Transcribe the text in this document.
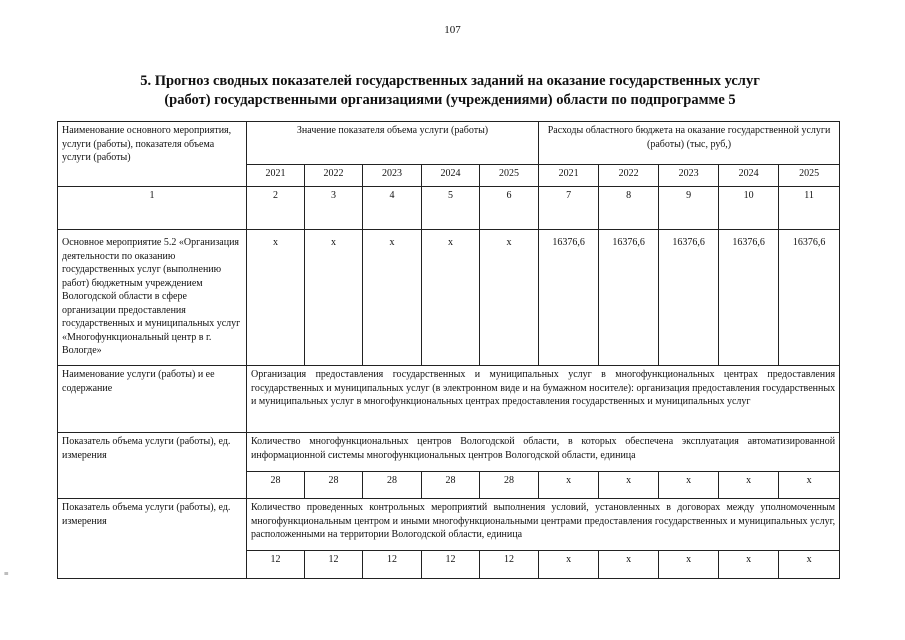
107
5. Прогноз сводных показателей государственных заданий на оказание государственных услуг
(работ) государственными организациями (учреждениями) области по подпрограмме 5
≡
Наименование основного мероприятия, услуги (работы), показателя объема услуги (работы)	Значение показателя объема услуги (работы)					Расходы областного бюджета на оказание государственной услуги (работы) (тыс, руб,)				
	2021	2022	2023	2024	2025	2021	2022	2023	2024	2025
1	2	3	4	5	6	7	8	9	10	11
Основное мероприятие 5.2 «Организация деятельности по оказанию государственных услуг (выполнению работ) бюджетным учреждением Вологодской области в сфере организации предоставления государственных и муниципальных услуг «Многофункциональный центр в г. Вологде»	x	x	x	x	x	16376,6	16376,6	16376,6	16376,6	16376,6
Наименование услуги (работы) и ее содержание	Организация предоставления государственных и муниципальных услуг в многофункциональных центрах предоставления государственных и муниципальных услуг (в электронном виде и на бумажном носителе): организация предоставления государственных и муниципальных услуг в многофункциональных центрах предоставления государственных и муниципальных услуг									
Показатель объема услуги (работы), ед. измерения	Количество многофункциональных центров Вологодской области, в которых обеспечена эксплуатация автоматизированной информационной системы многофункциональных центров Вологодской области, единица									
	28	28	28	28	28	x	x	x	x	x
Показатель объема услуги (работы), ед. измерения	Количество проведенных контрольных мероприятий выполнения условий, установленных в договорах между уполномоченным многофункциональным центром и иными многофункциональными центрами предоставления государственных и муниципальных услуг, расположенными на территории Вологодской области, единица									
	12	12	12	12	12	x	x	x	x	x
